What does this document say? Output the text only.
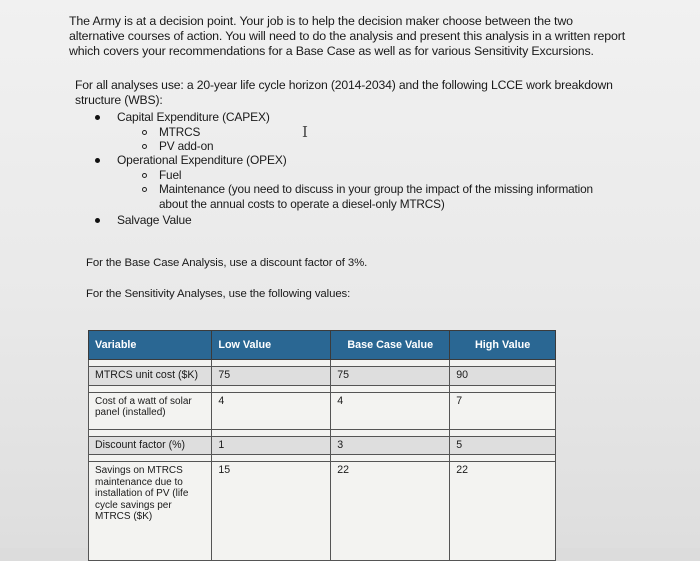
The Army is at a decision point. Your job is to help the decision maker choose between the two
alternative courses of action. You will need to do the analysis and present this analysis in a written report
which covers your recommendations for a Base Case as well as for various Sensitivity Excursions.
For all analyses use: a 20-year life cycle horizon (2014-2034) and the following LCCE work breakdown
structure (WBS):
Capital Expenditure (CAPEX)
MTRCS
PV add-on
Operational Expenditure (OPEX)
Fuel
Maintenance (you need to discuss in your group the impact of the missing information
about the annual costs to operate a diesel-only MTRCS)
Salvage Value
I
For the Base Case Analysis, use a discount factor of 3%.
For the Sensitivity Analyses, use the following values:
Variable	Low Value	Base Case Value	High Value

MTRCS unit cost ($K)	75	75	90

Cost of a watt of solar
panel (installed)	4	4	7

Discount factor (%)	1	3	5

Savings on MTRCS
maintenance due to
installation of PV (life
cycle savings per
MTRCS ($K)	15	22	22
